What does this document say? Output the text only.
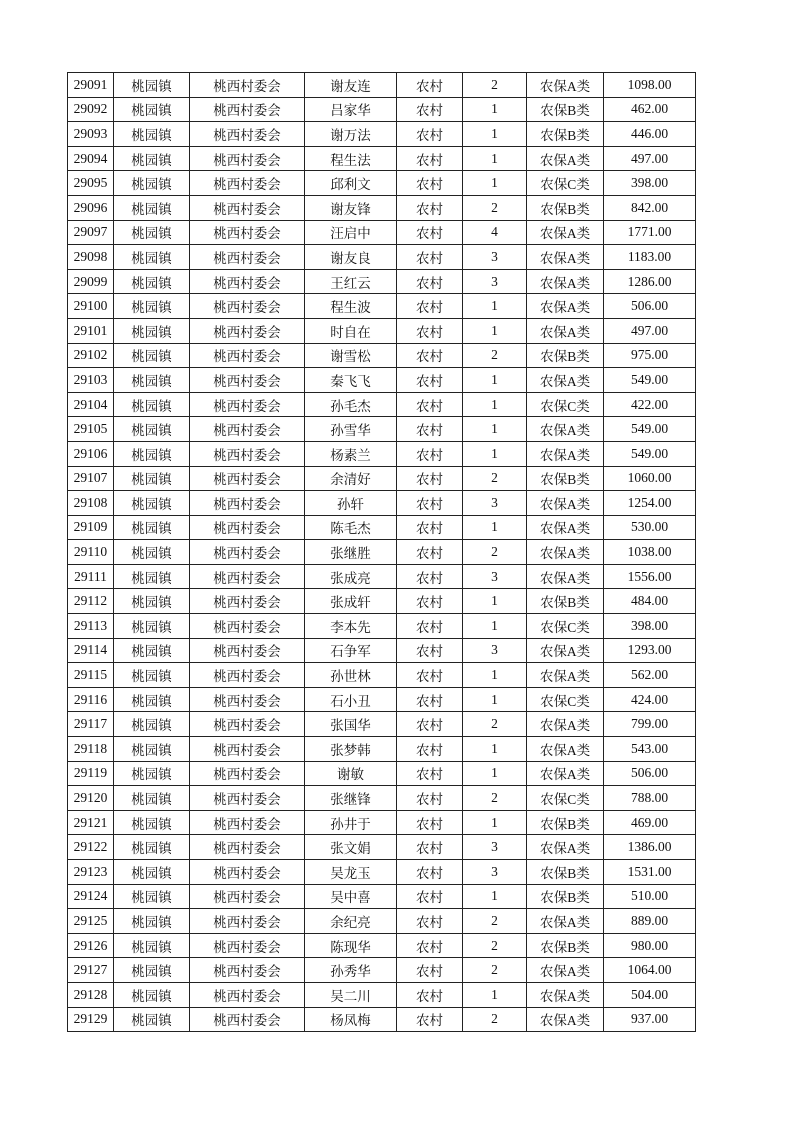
29091	桃园镇	桃西村委会	谢友连	农村	2	农保A类	1098.00
29092	桃园镇	桃西村委会	吕家华	农村	1	农保B类	462.00
29093	桃园镇	桃西村委会	谢万法	农村	1	农保B类	446.00
29094	桃园镇	桃西村委会	程生法	农村	1	农保A类	497.00
29095	桃园镇	桃西村委会	邱利文	农村	1	农保C类	398.00
29096	桃园镇	桃西村委会	谢友锋	农村	2	农保B类	842.00
29097	桃园镇	桃西村委会	汪启中	农村	4	农保A类	1771.00
29098	桃园镇	桃西村委会	谢友良	农村	3	农保A类	1183.00
29099	桃园镇	桃西村委会	王红云	农村	3	农保A类	1286.00
29100	桃园镇	桃西村委会	程生波	农村	1	农保A类	506.00
29101	桃园镇	桃西村委会	时自在	农村	1	农保A类	497.00
29102	桃园镇	桃西村委会	谢雪松	农村	2	农保B类	975.00
29103	桃园镇	桃西村委会	秦飞飞	农村	1	农保A类	549.00
29104	桃园镇	桃西村委会	孙毛杰	农村	1	农保C类	422.00
29105	桃园镇	桃西村委会	孙雪华	农村	1	农保A类	549.00
29106	桃园镇	桃西村委会	杨素兰	农村	1	农保A类	549.00
29107	桃园镇	桃西村委会	余清好	农村	2	农保B类	1060.00
29108	桃园镇	桃西村委会	孙轩	农村	3	农保A类	1254.00
29109	桃园镇	桃西村委会	陈毛杰	农村	1	农保A类	530.00
29110	桃园镇	桃西村委会	张继胜	农村	2	农保A类	1038.00
29111	桃园镇	桃西村委会	张成亮	农村	3	农保A类	1556.00
29112	桃园镇	桃西村委会	张成轩	农村	1	农保B类	484.00
29113	桃园镇	桃西村委会	李本先	农村	1	农保C类	398.00
29114	桃园镇	桃西村委会	石争军	农村	3	农保A类	1293.00
29115	桃园镇	桃西村委会	孙世林	农村	1	农保A类	562.00
29116	桃园镇	桃西村委会	石小丑	农村	1	农保C类	424.00
29117	桃园镇	桃西村委会	张国华	农村	2	农保A类	799.00
29118	桃园镇	桃西村委会	张梦韩	农村	1	农保A类	543.00
29119	桃园镇	桃西村委会	谢敏	农村	1	农保A类	506.00
29120	桃园镇	桃西村委会	张继锋	农村	2	农保C类	788.00
29121	桃园镇	桃西村委会	孙井于	农村	1	农保B类	469.00
29122	桃园镇	桃西村委会	张文娟	农村	3	农保A类	1386.00
29123	桃园镇	桃西村委会	吴龙玉	农村	3	农保B类	1531.00
29124	桃园镇	桃西村委会	吴中喜	农村	1	农保B类	510.00
29125	桃园镇	桃西村委会	余纪亮	农村	2	农保A类	889.00
29126	桃园镇	桃西村委会	陈现华	农村	2	农保B类	980.00
29127	桃园镇	桃西村委会	孙秀华	农村	2	农保A类	1064.00
29128	桃园镇	桃西村委会	吴二川	农村	1	农保A类	504.00
29129	桃园镇	桃西村委会	杨凤梅	农村	2	农保A类	937.00
